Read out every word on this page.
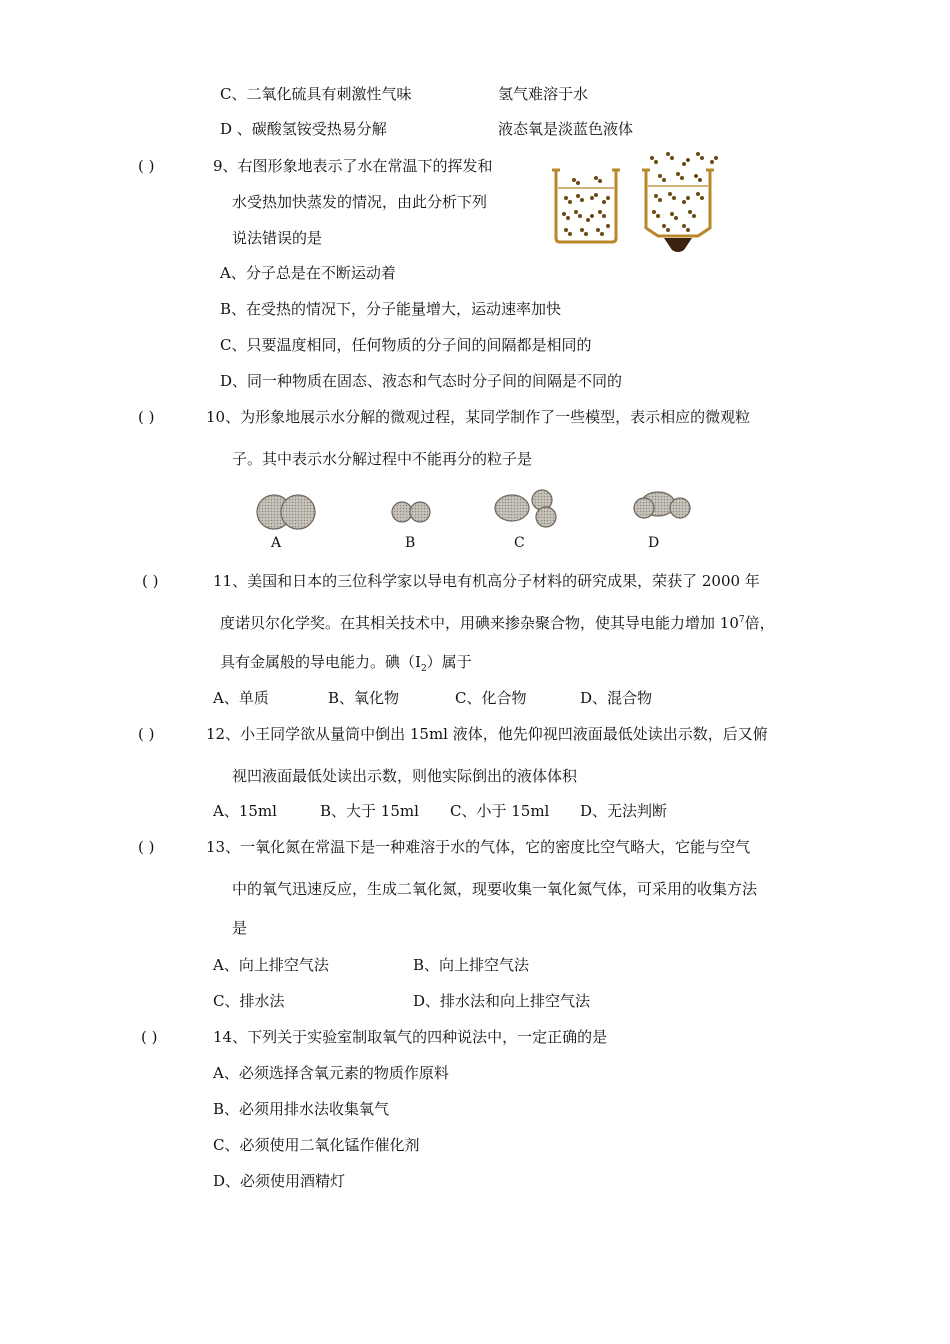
C、二氧化硫具有刺激性气味	氢气难溶于水
D 、碳酸氢铵受热易分解	液态氧是淡蓝色液体
( )	9、右图形象地表示了水在常温下的挥发和
水受热加快蒸发的情况，由此分析下列
说法错误的是
A、分子总是在不断运动着
B、在受热的情况下，分子能量增大，运动速率加快
C、只要温度相同，任何物质的分子间的间隔都是相同的
D、同一种物质在固态、液态和气态时分子间的间隔是不同的
( )	10、为形象地展示水分解的微观过程，某同学制作了一些模型，表示相应的微观粒
子。其中表示水分解过程中不能再分的粒子是
A	B	C	D
( )	11、美国和日本的三位科学家以导电有机高分子材料的研究成果，荣获了 2000 年
度诺贝尔化学奖。在其相关技术中，用碘来掺杂聚合物，使其导电能力增加 $10^7$倍，
具有金属般的导电能力。碘$(I_2)$属于
A、单质	B、氧化物	C、化合物	D、混合物
( )	12、小王同学欲从量筒中倒出 15ml 液体，他先仰视凹液面最低处读出示数，后又俯
视凹液面最低处读出示数，则他实际倒出的液体体积
A、15ml	B、大于 15ml C、小于 15ml D、无法判断
( )	13、一氧化氮在常温下是一种难溶于水的气体，它的密度比空气略大，它能与空气
中的氧气迅速反应，生成二氧化氮，现要收集一氧化氮气体，可采用的收集方法
是
A、向上排空气法	B、向上排空气法
C、排水法	D、排水法和向上排空气法
( )	14、下列关于实验室制取氧气的四种说法中，一定正确的是
A、必须选择含氧元素的物质作原料
B、必须用排水法收集氧气
C、必须使用二氧化锰作催化剂
D、必须使用酒精灯
